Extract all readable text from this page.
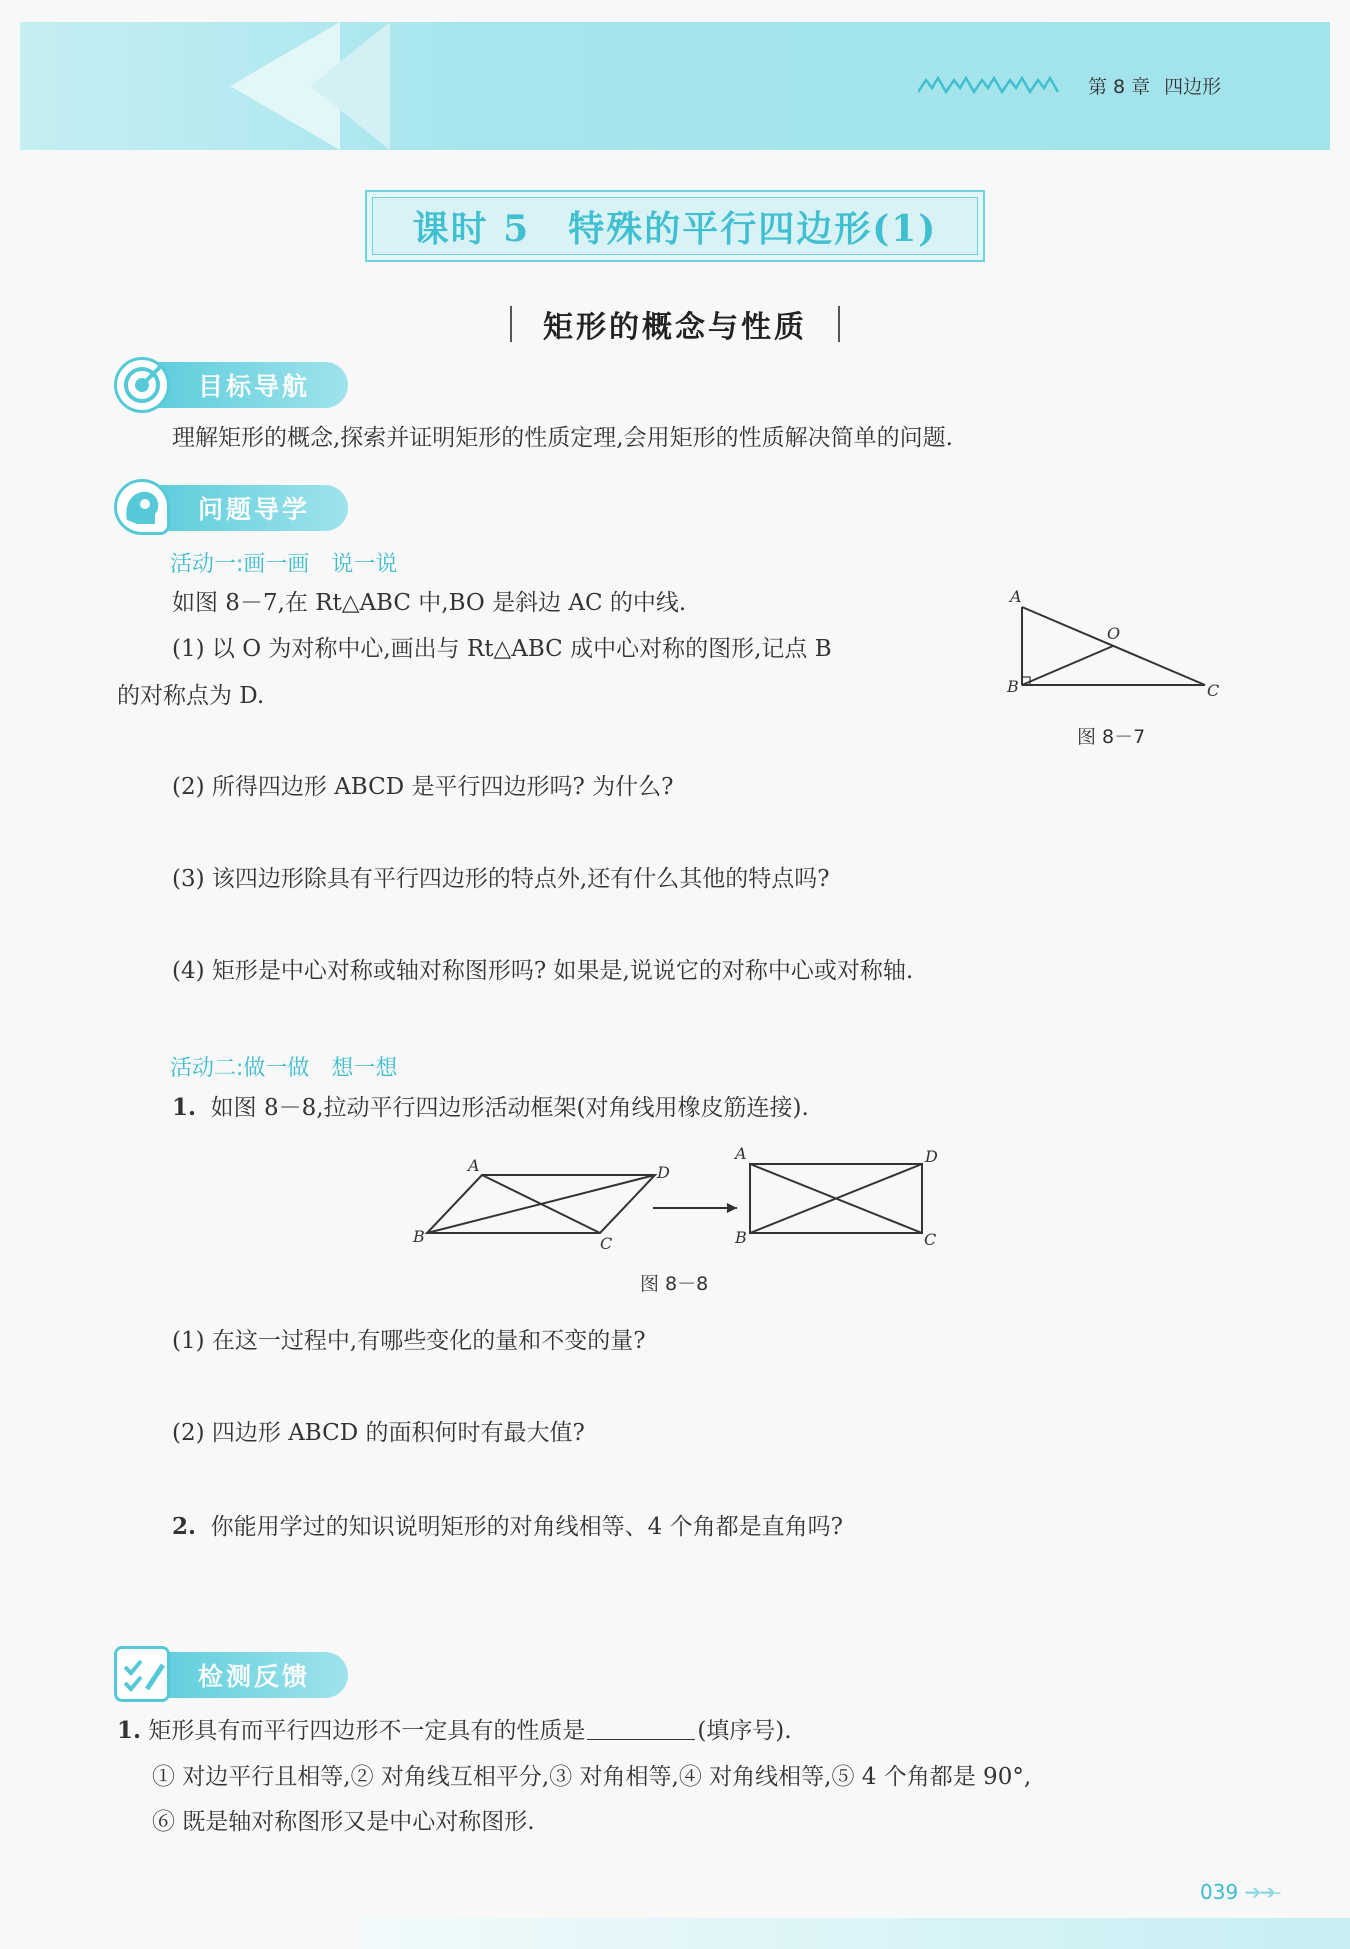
第 8 章 四边形
课时 5　特殊的平行四边形(1)
矩形的概念与性质
目标导航
理解矩形的概念,探索并证明矩形的性质定理,会用矩形的性质解决简单的问题.
问题导学
活动一:画一画　说一说
如图 8－7,在 Rt△ABC 中,BO 是斜边 AC 的中线.
(1) 以 O 为对称中心,画出与 Rt△ABC 成中心对称的图形,记点 B
的对称点为 D.
A
O
B	C
图 8－7
(2) 所得四边形 ABCD 是平行四边形吗? 为什么?
(3) 该四边形除具有平行四边形的特点外,还有什么其他的特点吗?
(4) 矩形是中心对称或轴对称图形吗? 如果是,说说它的对称中心或对称轴.
活动二:做一做　想一想
1. 如图 8－8,拉动平行四边形活动框架(对角线用橡皮筋连接).
A	D
B	C
A	D
B	C
图 8－8
(1) 在这一过程中,有哪些变化的量和不变的量?
(2) 四边形 ABCD 的面积何时有最大值?
2. 你能用学过的知识说明矩形的对角线相等、4 个角都是直角吗?
检测反馈
1. 矩形具有而平行四边形不一定具有的性质是	(填序号).
① 对边平行且相等,② 对角线互相平分,③ 对角相等,④ 对角线相等,⑤ 4 个角都是 90°,
⑥ 既是轴对称图形又是中心对称图形.
039 ➔➔-
